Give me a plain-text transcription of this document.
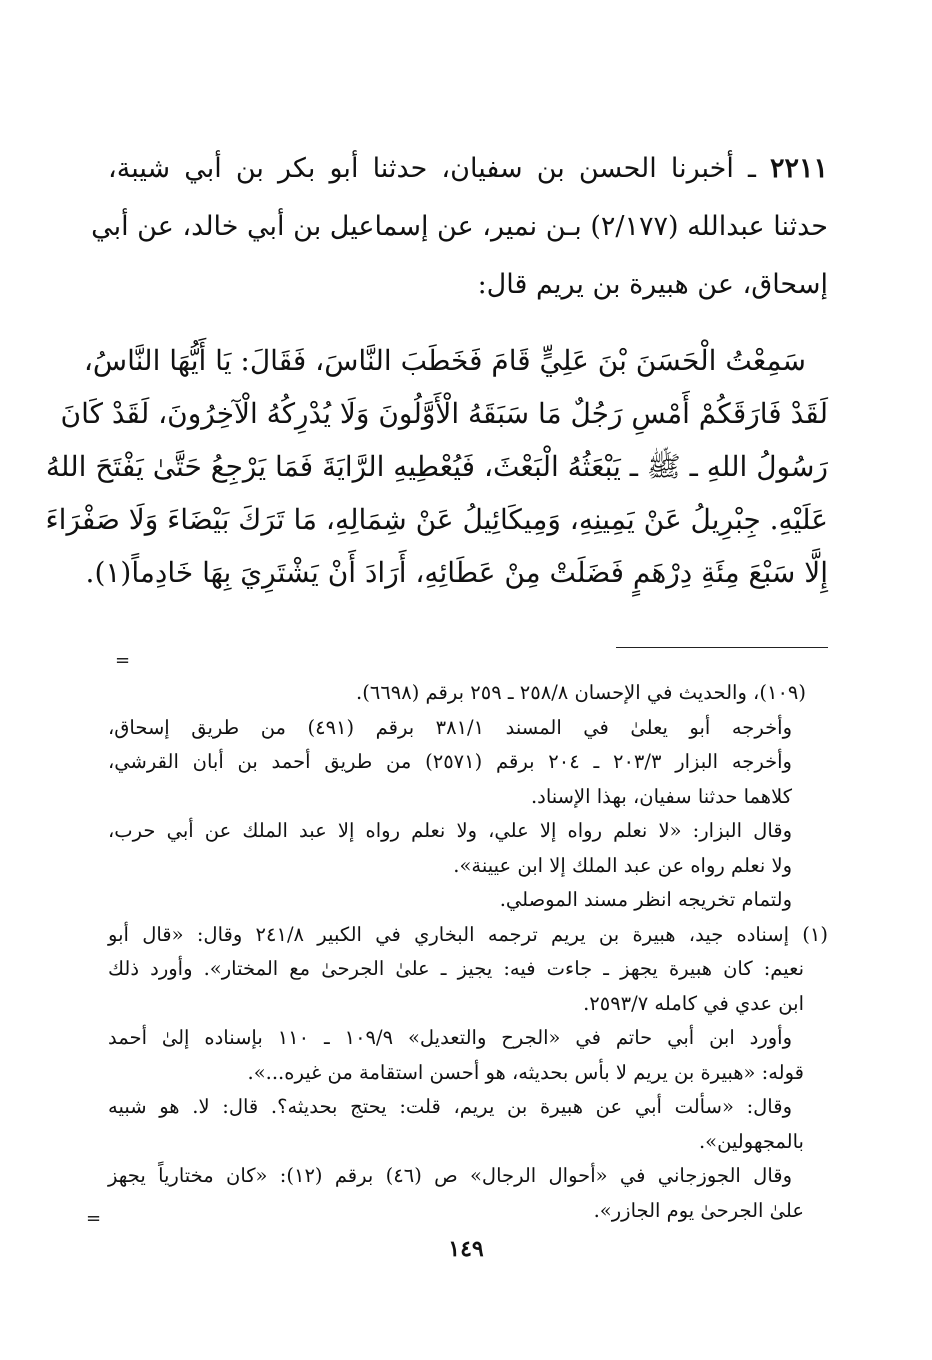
٢٢١١ ـ أخبرنا الحسن بن سفيان، حدثنا أبو بكر بن أبي شيبة،
حدثنا عبدالله (٢/١٧٧) بـن نمير، عن إسماعيل بن أبي خالد، عن أبي
إسحاق، عن هبيرة بن يريم قال:
سَمِعْتُ الْحَسَنَ بْنَ عَلِيٍّ قَامَ فَخَطَبَ النَّاسَ، فَقَالَ: يَا أَيُّهَا النَّاسُ،
لَقَدْ فَارَقَكُمْ أَمْسِ رَجُلٌ مَا سَبَقَهُ الْأَوَّلُونَ وَلَا يُدْرِكُهُ الْآخِرُونَ، لَقَدْ كَانَ
رَسُولُ اللهِ ـ ﷺ ـ يَبْعَثُهُ الْبَعْثَ، فَيُعْطِيهِ الرَّايَةَ فَمَا يَرْجِعُ حَتَّىٰ يَفْتَحَ اللهُ
عَلَيْهِ. جِبْرِيلُ عَنْ يَمِينِهِ، وَمِيكَائِيلُ عَنْ شِمَالِهِ، مَا تَرَكَ بَيْضَاءَ وَلَا صَفْرَاءَ
إِلَّا سَبْعَ مِئَةِ دِرْهَمٍ فَضَلَتْ مِنْ عَطَائِهِ، أَرَادَ أَنْ يَشْتَرِيَ بِهَا خَادِماً(١).
(١٠٩)، والحديث في الإحسان ٢٥٨/٨ ـ ٢٥٩ برقم (٦٦٩٨).
وأخرجه أبو يعلىٰ في المسند ٣٨١/١ برقم (٤٩١) من طريق إسحاق،
وأخرجه البزار ٢٠٣/٣ ـ ٢٠٤ برقم (٢٥٧١) من طريق أحمد بن أبان القرشي،
كلاهما حدثنا سفيان، بهذا الإسناد.
وقال البزار: «لا نعلم رواه إلا علي، ولا نعلم رواه إلا عبد الملك عن أبي حرب،
ولا نعلم رواه عن عبد الملك إلا ابن عيينة».
ولتمام تخريجه انظر مسند الموصلي.
(١) إسناده جيد، هبيرة بن يريم ترجمه البخاري في الكبير ٢٤١/٨ وقال: «قال أبو
نعيم: كان هبيرة يجهز ـ جاءت فيه: يجيز ـ علىٰ الجرحىٰ مع المختار». وأورد ذلك
ابن عدي في كامله ٢٥٩٣/٧.
وأورد ابن أبي حاتم في «الجرح والتعديل» ١٠٩/٩ ـ ١١٠ بإسناده إلىٰ أحمد
قوله: «هبيرة بن يريم لا بأس بحديثه، هو أحسن استقامة من غيره...».
وقال: «سألت أبي عن هبيرة بن يريم، قلت: يحتج بحديثه؟. قال: لا. هو شبيه
بالمجهولين».
وقال الجوزجاني في «أحوال الرجال» ص (٤٦) برقم (١٢): «كان مختارياً يجهز
علىٰ الجرحىٰ يوم الجازر».
=
=
١٤٩
